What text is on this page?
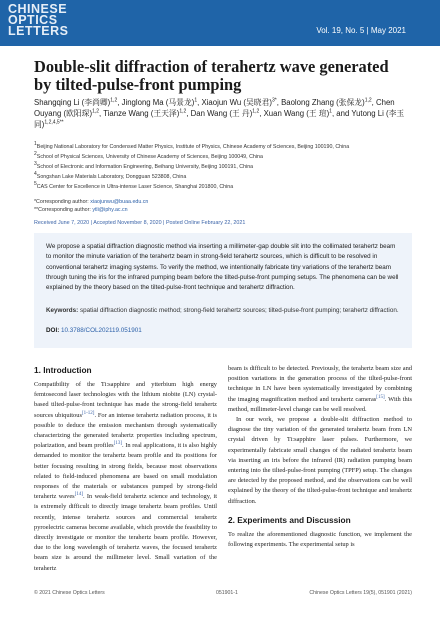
CHINESE
OPTICS
LETTERS	Vol. 19, No. 5 | May 2021
Double-slit diffraction of terahertz wave generated by tilted-pulse-front pumping
Shangqing Li (李尚卿)$^{1,2}$, Jinglong Ma (马景龙)$^1$, Xiaojun Wu (吴晓君)$^{3*}$, Baolong Zhang (张保龙)$^{1,2}$, Chen Ouyang (欧阳琛)$^{1,2}$, Tianze Wang (王天泽)$^{1,2}$, Dan Wang (王 丹)$^{1,2}$, Xuan Wang (王 瑄)$^1$, and Yutong Li (李玉同)$^{1,2,4,5**}$
1Beijing National Laboratory for Condensed Matter Physics, Institute of Physics, Chinese Academy of Sciences, Beijing 100190, China
2School of Physical Sciences, University of Chinese Academy of Sciences, Beijing 100049, China
3School of Electronic and Information Engineering, Beihang University, Beijing 100191, China
4Songshan Lake Materials Laboratory, Dongguan 523808, China
5CAS Center for Excellence in Ultra-intense Laser Science, Shanghai 201800, China
*Corresponding author: xiaojunwu@buaa.edu.cn
**Corresponding author: ytli@iphy.ac.cn
Received June 7, 2020 | Accepted November 8, 2020 | Posted Online February 22, 2021
We propose a spatial diffraction diagnostic method via inserting a millimeter-gap double slit into the collimated terahertz beam to monitor the minute variation of the terahertz beam in strong-field terahertz sources, which is difficult to be resolved in conventional terahertz imaging systems. To verify the method, we intentionally fabricate tiny variations of the terahertz beam through tuning the iris for the infrared pumping beam before the tilted-pulse-front pumping setups. The phenomena can be well explained by the theory based on the tilted-pulse-front technique and terahertz diffraction.
Keywords: spatial diffraction diagnostic method; strong-field terahertz sources; tilted-pulse-front pumping; terahertz diffraction.
DOI: 10.3788/COL202119.051901
1. Introduction

Compatibility of the Ti:sapphire and ytterbium high energy femtosecond laser technologies with the lithium niobite (LN) crystal-based tilted-pulse-front technique has made the strong-field terahertz sources ubiquitous[1-12]. For an intense terahertz radiation process, it is possible to deduce the emission mechanism through systematically characterizing the generated terahertz properties including spectrum, polarization, and beam profiles[13]. In real applications, it is also highly demanded to monitor the terahertz beam profile and its positions for better focusing resulting in strong fields, because most observations related to field-induced phenomena are based on small modulation responses of the materials or substances pumped by strong-field terahertz waves[14]. In weak-field terahertz science and technology, it is extremely difficult to directly image terahertz beam profiles. Until recently, intense terahertz sources and commercial terahertz pyroelectric cameras become available, which provide the feasibility to directly investigate or monitor the terahertz beam profile. However, due to the long wavelength of terahertz waves, the focused terahertz beam size is around the millimeter level. Small variation of the terahertz

beam is difficult to be detected. Previously, the terahertz beam size and position variations in the generation process of the tilted-pulse-front technique in LN have been systematically investigated by combining the imaging magnification method and terahertz cameras[15]. With this method, millimeter-level change can be well resolved.

In our work, we propose a double-slit diffraction method to diagnose the tiny variation of the generated terahertz beam from LN crystal driven by Ti:sapphire laser pulses. Furthermore, we experimentally fabricate small changes of the radiated terahertz beam via inserting an iris before the infrared (IR) radiation pumping beam entering into the tilted-pulse-front pumping (TPFP) setup. The changes are detected by the proposed method, and the observations can be well explained by the theory of the tilted-pulse-front technique and terahertz diffraction.

2. Experiments and Discussion

To realize the aforementioned diagnostic function, we implement the following experiments. The experimental setup is

© 2021 Chinese Optics Letters	051901-1	Chinese Optics Letters 19(5), 051901 (2021)
